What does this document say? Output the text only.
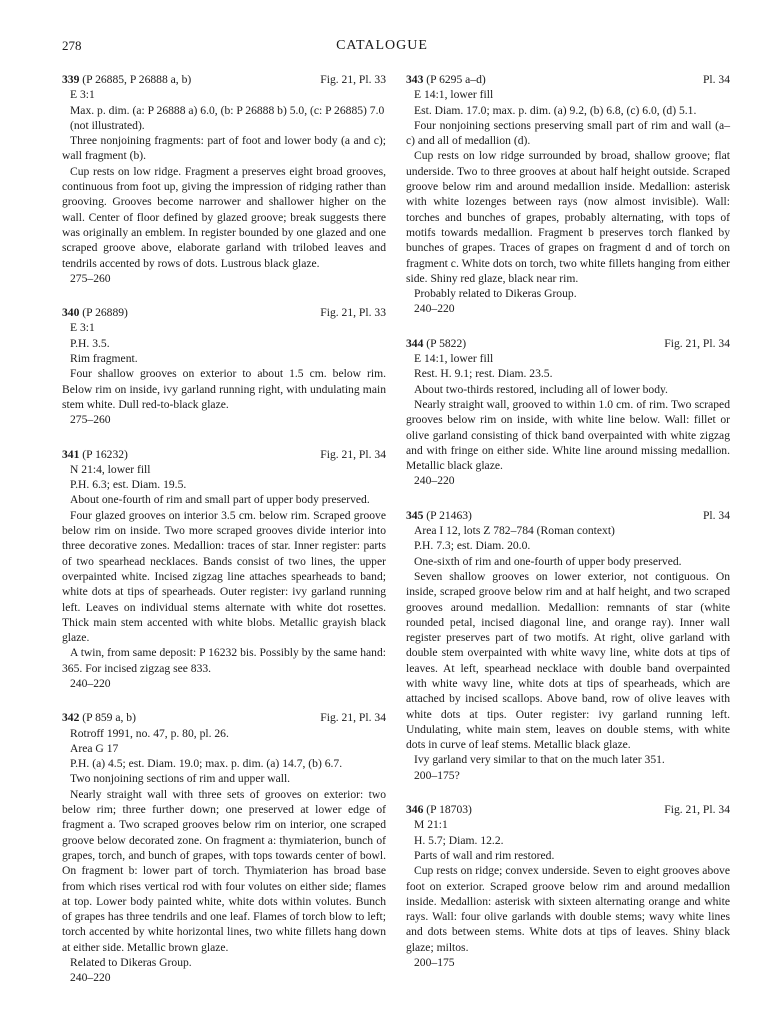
278	CATALOGUE
339 (P 26885, P 26888 a, b)	Fig. 21, Pl. 33
E 3:1
Max. p. dim. (a: P 26888 a) 6.0, (b: P 26888 b) 5.0, (c: P 26885) 7.0 (not illustrated).

Three nonjoining fragments: part of foot and lower body (a and c); wall fragment (b).

Cup rests on low ridge. Fragment a preserves eight broad grooves, continuous from foot up, giving the impression of ridging rather than grooving. Grooves become narrower and shallower higher on the wall. Center of floor defined by glazed groove; break suggests there was originally an emblem. In register bounded by one glazed and one scraped groove above, elaborate garland with trilobed leaves and tendrils accented by rows of dots. Lustrous black glaze.

275–260
340 (P 26889)	Fig. 21, Pl. 33
E 3:1
P.H. 3.5.
Rim fragment.

Four shallow grooves on exterior to about 1.5 cm. below rim. Below rim on inside, ivy garland running right, with undulating main stem white. Dull red-to-black glaze.

275–260
341 (P 16232)	Fig. 21, Pl. 34
N 21:4, lower fill
P.H. 6.3; est. Diam. 19.5.

About one-fourth of rim and small part of upper body preserved.

Four glazed grooves on interior 3.5 cm. below rim. Scraped groove below rim on inside. Two more scraped grooves divide interior into three decorative zones. Medallion: traces of star. Inner register: parts of two spearhead necklaces. Bands consist of two lines, the upper overpainted white. Incised zigzag line attaches spearheads to band; white dots at tips of spearheads. Outer register: ivy garland running left. Leaves on individual stems alternate with white dot rosettes. Thick main stem accented with white blobs. Metallic grayish black glaze.

A twin, from same deposit: P 16232 bis. Possibly by the same hand: 365. For incised zigzag see 833.

240–220
342 (P 859 a, b)	Fig. 21, Pl. 34
Rotroff 1991, no. 47, p. 80, pl. 26.
Area G 17
P.H. (a) 4.5; est. Diam. 19.0; max. p. dim. (a) 14.7, (b) 6.7.

Two nonjoining sections of rim and upper wall.

Nearly straight wall with three sets of grooves on exterior: two below rim; three further down; one preserved at lower edge of fragment a. Two scraped grooves below rim on interior, one scraped groove below decorated zone. On fragment a: thymiaterion, bunch of grapes, torch, and bunch of grapes, with tops towards center of bowl. On fragment b: lower part of torch. Thymiaterion has broad base from which rises vertical rod with four volutes on either side; flames at top. Lower body painted white, white dots within volutes. Bunch of grapes has three tendrils and one leaf. Flames of torch blow to left; torch accented by white horizontal lines, two white fillets hang down at either side. Metallic brown glaze.

Related to Dikeras Group.

240–220
343 (P 6295 a–d)	Pl. 34
E 14:1, lower fill
Est. Diam. 17.0; max. p. dim. (a) 9.2, (b) 6.8, (c) 6.0, (d) 5.1.

Four nonjoining sections preserving small part of rim and wall (a–c) and all of medallion (d).

Cup rests on low ridge surrounded by broad, shallow groove; flat underside. Two to three grooves at about half height outside. Scraped groove below rim and around medallion inside. Medallion: asterisk with white lozenges between rays (now almost invisible). Wall: torches and bunches of grapes, probably alternating, with tops of motifs towards medallion. Fragment b preserves torch flanked by bunches of grapes. Traces of grapes on fragment d and of torch on fragment c. White dots on torch, two white fillets hanging from either side. Shiny red glaze, black near rim.

Probably related to Dikeras Group.

240–220
344 (P 5822)	Fig. 21, Pl. 34
E 14:1, lower fill
Rest. H. 9.1; rest. Diam. 23.5.

About two-thirds restored, including all of lower body.

Nearly straight wall, grooved to within 1.0 cm. of rim. Two scraped grooves below rim on inside, with white line below. Wall: fillet or olive garland consisting of thick band overpainted with white zigzag and with fringe on either side. White line around missing medallion. Metallic black glaze.

240–220
345 (P 21463)	Pl. 34
Area I 12, lots Z 782–784 (Roman context)
P.H. 7.3; est. Diam. 20.0.

One-sixth of rim and one-fourth of upper body preserved.

Seven shallow grooves on lower exterior, not contiguous. On inside, scraped groove below rim and at half height, and two scraped grooves around medallion. Medallion: remnants of star (white rounded petal, incised diagonal line, and orange ray). Inner wall register preserves part of two motifs. At right, olive garland with double stem overpainted with white wavy line, white dots at tips of leaves. At left, spearhead necklace with double band overpainted with white wavy line, white dots at tips of spearheads, which are attached by incised scallops. Above band, row of olive leaves with white dots at tips. Outer register: ivy garland running left. Undulating, white main stem, leaves on double stems, with white dots in curve of leaf stems. Metallic black glaze.

Ivy garland very similar to that on the much later 351.

200–175?
346 (P 18703)	Fig. 21, Pl. 34
M 21:1
H. 5.7; Diam. 12.2.
Parts of wall and rim restored.

Cup rests on ridge; convex underside. Seven to eight grooves above foot on exterior. Scraped groove below rim and around medallion inside. Medallion: asterisk with sixteen alternating orange and white rays. Wall: four olive garlands with double stems; wavy white lines and dots between stems. White dots at tips of leaves. Shiny black glaze; miltos.

200–175
